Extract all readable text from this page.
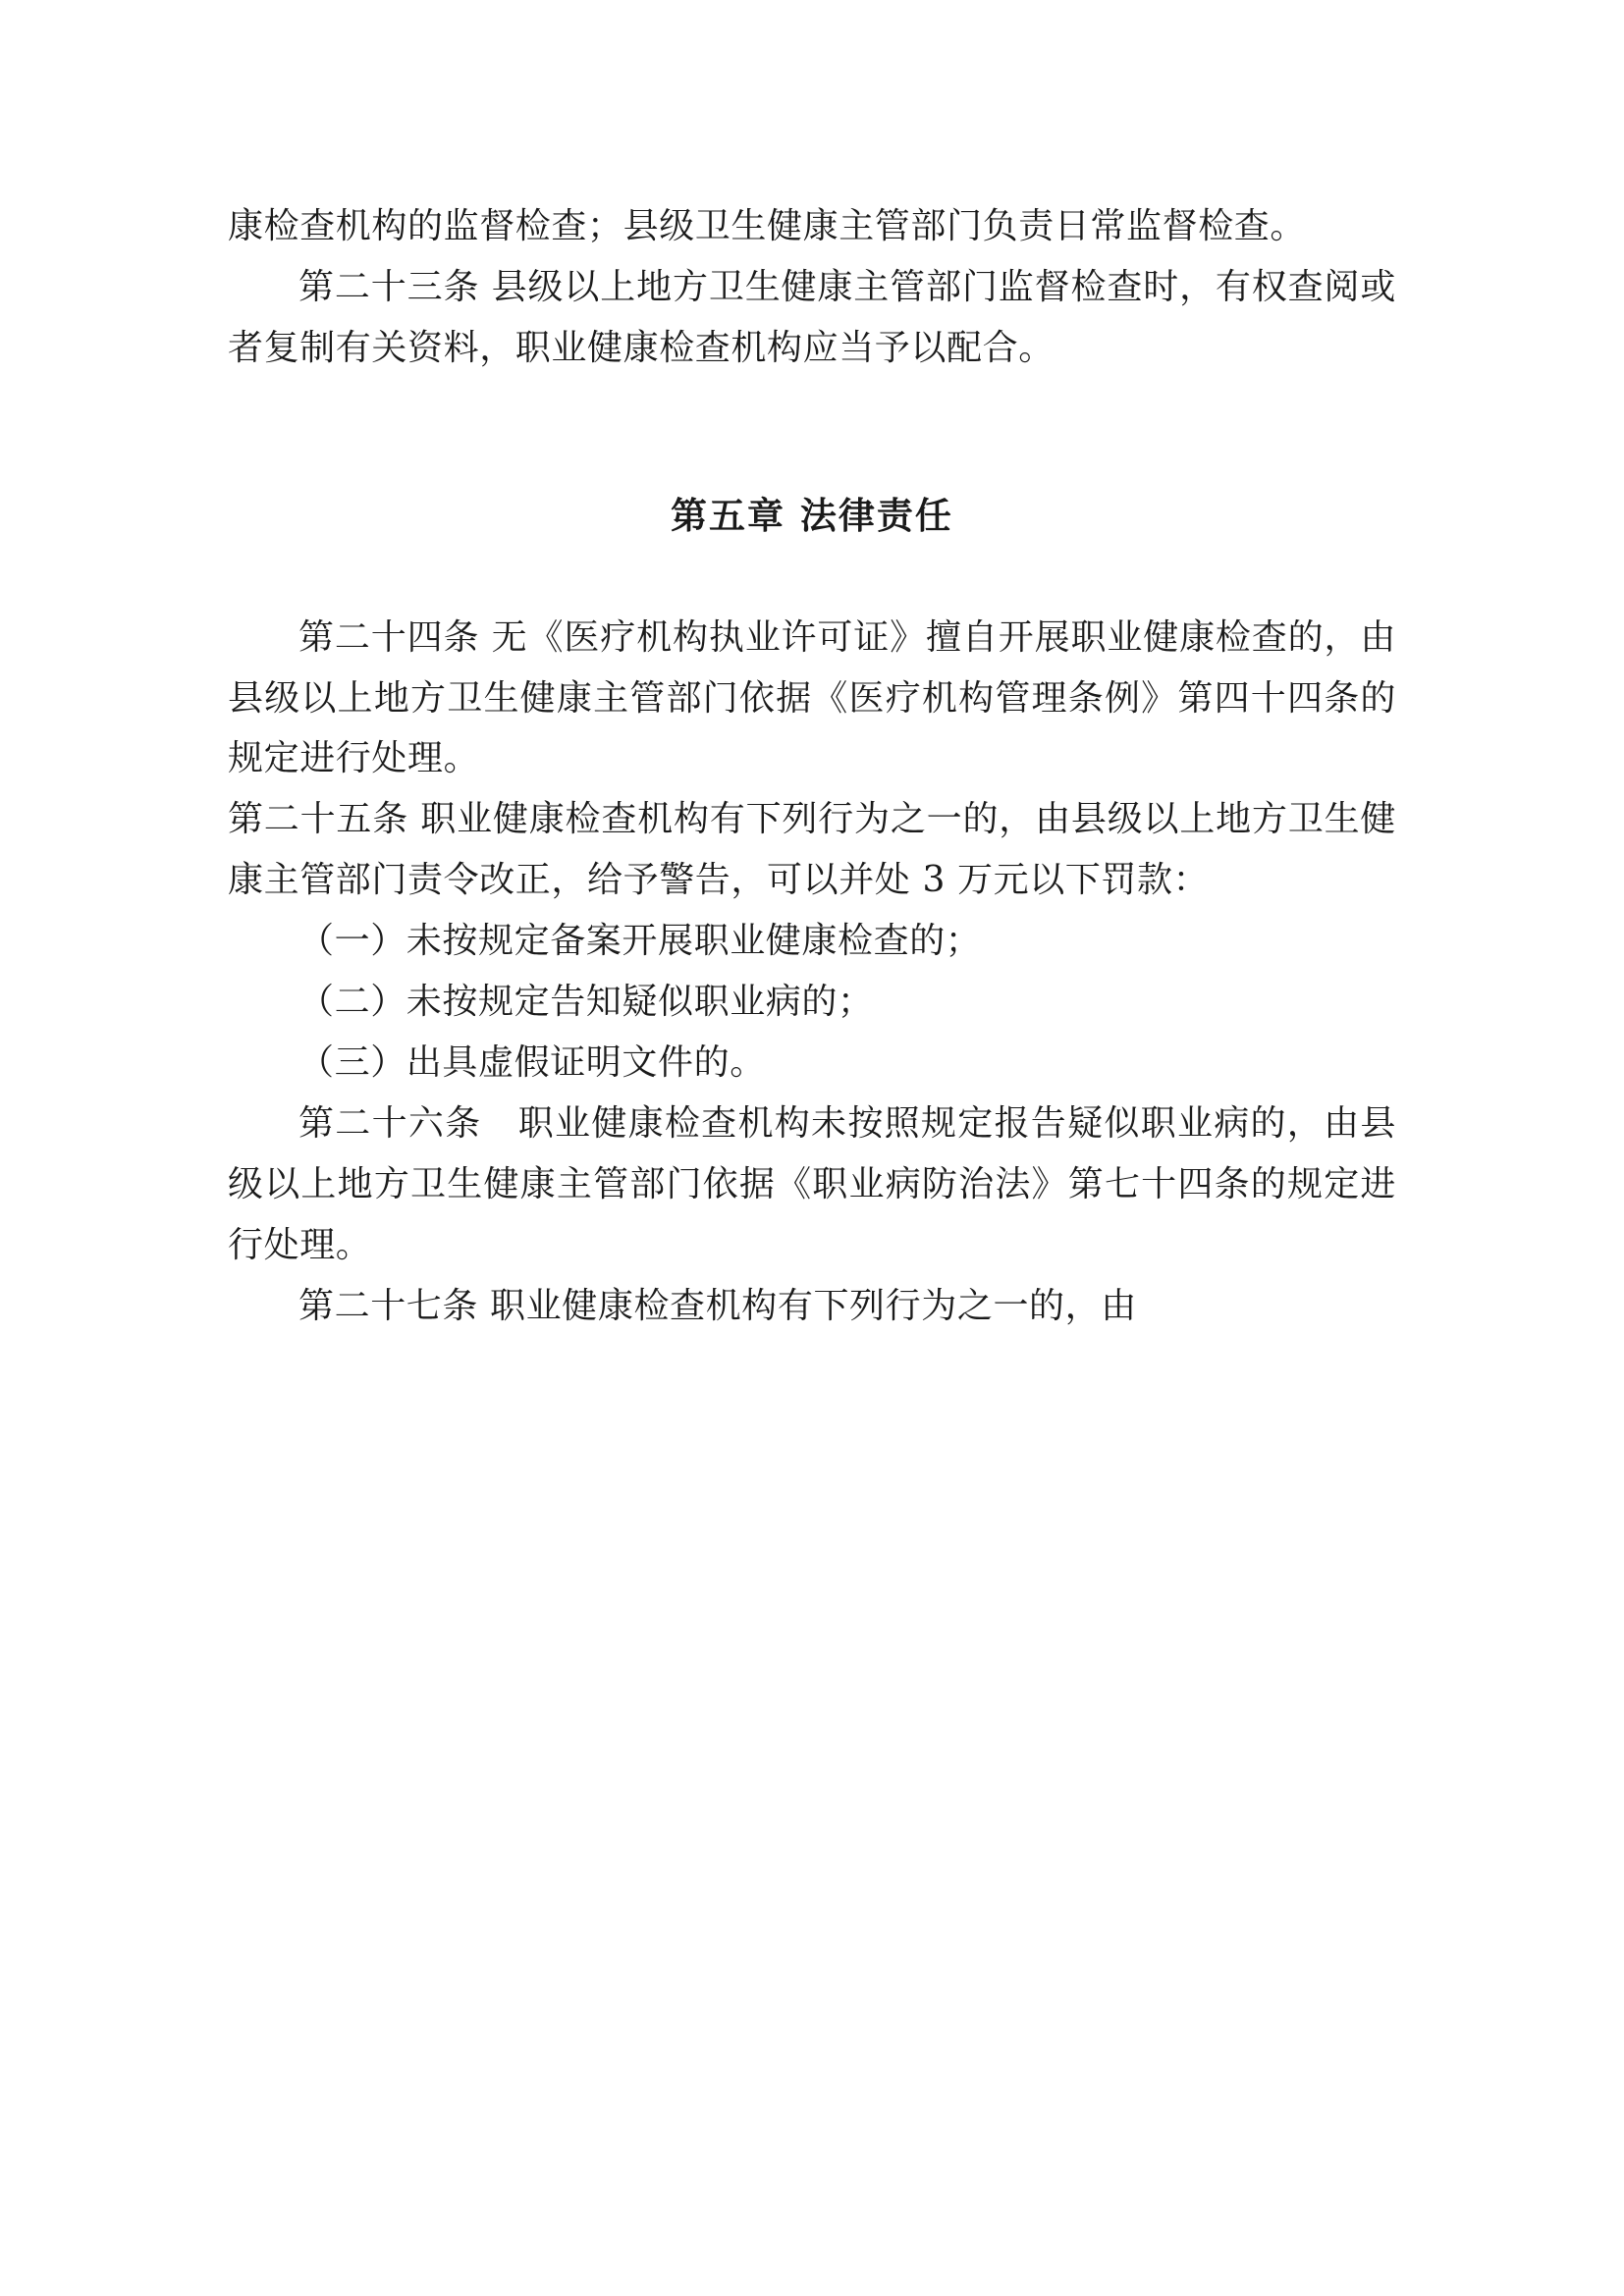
康检查机构的监督检查；县级卫生健康主管部门负责日常监督检查。

第二十三条 县级以上地方卫生健康主管部门监督检查时，有权查阅或者复制有关资料，职业健康检查机构应当予以配合。

第五章 法律责任

第二十四条 无《医疗机构执业许可证》擅自开展职业健康检查的，由县级以上地方卫生健康主管部门依据《医疗机构管理条例》第四十四条的规定进行处理。

第二十五条 职业健康检查机构有下列行为之一的，由县级以上地方卫生健康主管部门责令改正，给予警告，可以并处 3 万元以下罚款：

（一）未按规定备案开展职业健康检查的；

（二）未按规定告知疑似职业病的；

（三）出具虚假证明文件的。

第二十六条　职业健康检查机构未按照规定报告疑似职业病的，由县级以上地方卫生健康主管部门依据《职业病防治法》第七十四条的规定进行处理。

第二十七条 职业健康检查机构有下列行为之一的，由
